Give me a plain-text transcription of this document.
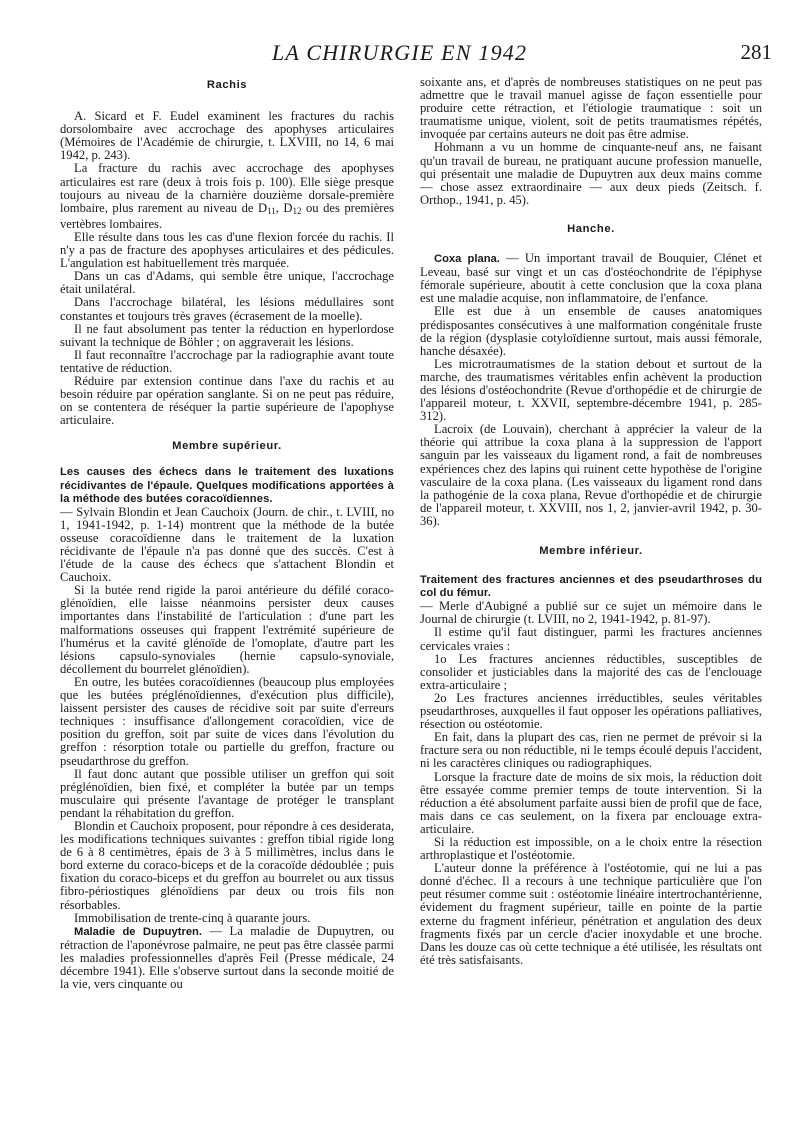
LA CHIRURGIE EN 1942	281
Rachis

A. Sicard et F. Eudel examinent les fractures du rachis dorsolombaire avec accrochage des apophyses articulaires (Mémoires de l'Académie de chirurgie, t. LXVIII, no 14, 6 mai 1942, p. 243).

La fracture du rachis avec accrochage des apophyses articulaires est rare (deux à trois fois p. 100). Elle siège presque toujours au niveau de la charnière douzième dorsale-première lombaire, plus rarement au niveau de $D_{11}$, $D_{12}$ ou des premières vertèbres lombaires.

Elle résulte dans tous les cas d'une flexion forcée du rachis. Il n'y a pas de fracture des apophyses articulaires et des pédicules. L'angulation est habituellement très marquée.

Dans un cas d'Adams, qui semble être unique, l'accrochage était unilatéral.

Dans l'accrochage bilatéral, les lésions médullaires sont constantes et toujours très graves (écrasement de la moelle).

Il ne faut absolument pas tenter la réduction en hyperlordose suivant la technique de Böhler ; on aggraverait les lésions.

Il faut reconnaître l'accrochage par la radiographie avant toute tentative de réduction.

Réduire par extension continue dans l'axe du rachis et au besoin réduire par opération sanglante. Si on ne peut pas réduire, on se contentera de réséquer la partie supérieure de l'apophyse articulaire.

Membre supérieur.

Les causes des échecs dans le traitement des luxations récidivantes de l'épaule. Quelques modifications apportées à la méthode des butées coracoïdiennes.

— Sylvain Blondin et Jean Cauchoix (Journ. de chir., t. LVIII, no 1, 1941-1942, p. 1-14) montrent que la méthode de la butée osseuse coracoïdienne dans le traitement de la luxation récidivante de l'épaule n'a pas donné que des succès. C'est à l'étude de la cause des échecs que s'attachent Blondin et Cauchoix.

Si la butée rend rigide la paroi antérieure du défilé coraco-glénoïdien, elle laisse néanmoins persister deux causes importantes dans l'instabilité de l'articulation : d'une part les malformations osseuses qui frappent l'extrémité supérieure de l'humérus et la cavité glénoïde de l'omoplate, d'autre part les lésions capsulo-synoviales (hernie capsulo-synoviale, décollement du bourrelet glénoïdien).

En outre, les butées coracoïdiennes (beaucoup plus employées que les butées prégléno​ïdiennes, d'exécution plus difficile), laissent persister des causes de récidive soit par suite d'erreurs techniques : insuffisance d'allongement coracoïdien, vice de position du greffon, soit par suite de vices dans l'évolution du greffon : résorption totale ou partielle du greffon, fracture ou pseudarthrose du greffon.

Il faut donc autant que possible utiliser un greffon qui soit prégléno​ïdien, bien fixé, et compléter la butée par un temps musculaire qui présente l'avantage de protéger le transplant pendant la réhabitation du greffon.

Blondin et Cauchoix proposent, pour répondre à ces desiderata, les modifications techniques suivantes : greffon tibial rigide long de 6 à 8 centimètres, épais de 3 à 5 millimètres, inclus dans le bord externe du coraco-biceps et de la coracoïde dédoublée ; puis fixation du coraco-biceps et du greffon au bourrelet ou aux tissus fibro-périostiques glénoïdiens par deux ou trois fils non résorbables.

Immobilisation de trente-cinq à quarante jours.

Maladie de Dupuytren. — La maladie de Dupuytren, ou rétraction de l'aponévrose palmaire, ne peut pas être classée parmi les maladies professionnelles d'après Feil (Presse médicale, 24 décembre 1941). Elle s'observe surtout dans la seconde moitié de la vie, vers cinquante ou

soixante ans, et d'après de nombreuses statistiques on ne peut pas admettre que le travail manuel agisse de façon essentielle pour produire cette rétraction, et l'étiologie traumatique : soit un traumatisme unique, violent, soit de petits traumatismes répétés, invoquée par certains auteurs ne doit pas être admise.

Hohmann a vu un homme de cinquante-neuf ans, ne faisant qu'un travail de bureau, ne pratiquant aucune profession manuelle, qui présentait une maladie de Dupuytren aux deux mains comme — chose assez extraordinaire — aux deux pieds (Zeitsch. f. Orthop., 1941, p. 45).

Hanche.

Coxa plana. — Un important travail de Bouquier, Clénet et Leveau, basé sur vingt et un cas d'ostéochondrite de l'épiphyse fémorale supérieure, aboutit à cette conclusion que la coxa plana est une maladie acquise, non inflammatoire, de l'enfance.

Elle est due à un ensemble de causes anatomiques prédisposantes consécutives à une malformation congénitale fruste de la région (dysplasie cotyloïdienne surtout, mais aussi fémorale, hanche désaxée).

Les microtraumatismes de la station debout et surtout de la marche, des traumatismes véritables enfin achèvent la production des lésions d'ostéochondrite (Revue d'orthopédie et de chirurgie de l'appareil moteur, t. XXVII, septembre-décembre 1941, p. 285-312).

Lacroix (de Louvain), cherchant à apprécier la valeur de la théorie qui attribue la coxa plana à la suppression de l'apport sanguin par les vaisseaux du ligament rond, a fait de nombreuses expériences chez des lapins qui ruinent cette hypothèse de l'origine vasculaire de la coxa plana. (Les vaisseaux du ligament rond dans la pathogénie de la coxa plana, Revue d'orthopédie et de chirurgie de l'appareil moteur, t. XXVIII, nos 1, 2, janvier-avril 1942, p. 30-36).

Membre inférieur.

Traitement des fractures anciennes et des pseudarthroses du col du fémur.

— Merle d'Aubigné a publié sur ce sujet un mémoire dans le Journal de chirurgie (t. LVIII, no 2, 1941-1942, p. 81-97).

Il estime qu'il faut distinguer, parmi les fractures anciennes cervicales vraies :

1o Les fractures anciennes réductibles, susceptibles de consolider et justiciables dans la majorité des cas de l'enclouage extra-articulaire ;

2o Les fractures anciennes irréductibles, seules véritables pseudarthroses, auxquelles il faut opposer les opérations palliatives, résection ou ostéotomie.

En fait, dans la plupart des cas, rien ne permet de prévoir si la fracture sera ou non réductible, ni le temps écoulé depuis l'accident, ni les caractères cliniques ou radiographiques.

Lorsque la fracture date de moins de six mois, la réduction doit être essayée comme premier temps de toute intervention. Si la réduction a été absolument parfaite aussi bien de profil que de face, mais dans ce cas seulement, on la fixera par enclouage extra-articulaire.

Si la réduction est impossible, on a le choix entre la résection arthroplastique et l'ostéotomie.

L'auteur donne la préférence à l'ostéotomie, qui ne lui a pas donné d'échec. Il a recours à une technique particulière que l'on peut résumer comme suit : ostéotomie linéaire intertrochantérienne, évidement du fragment supérieur, taille en pointe de la partie externe du fragment inférieur, pénétration et angulation des deux fragments fixés par un cercle d'acier inoxydable et une broche. Dans les douze cas où cette technique a été utilisée, les résultats ont été très satisfaisants.
